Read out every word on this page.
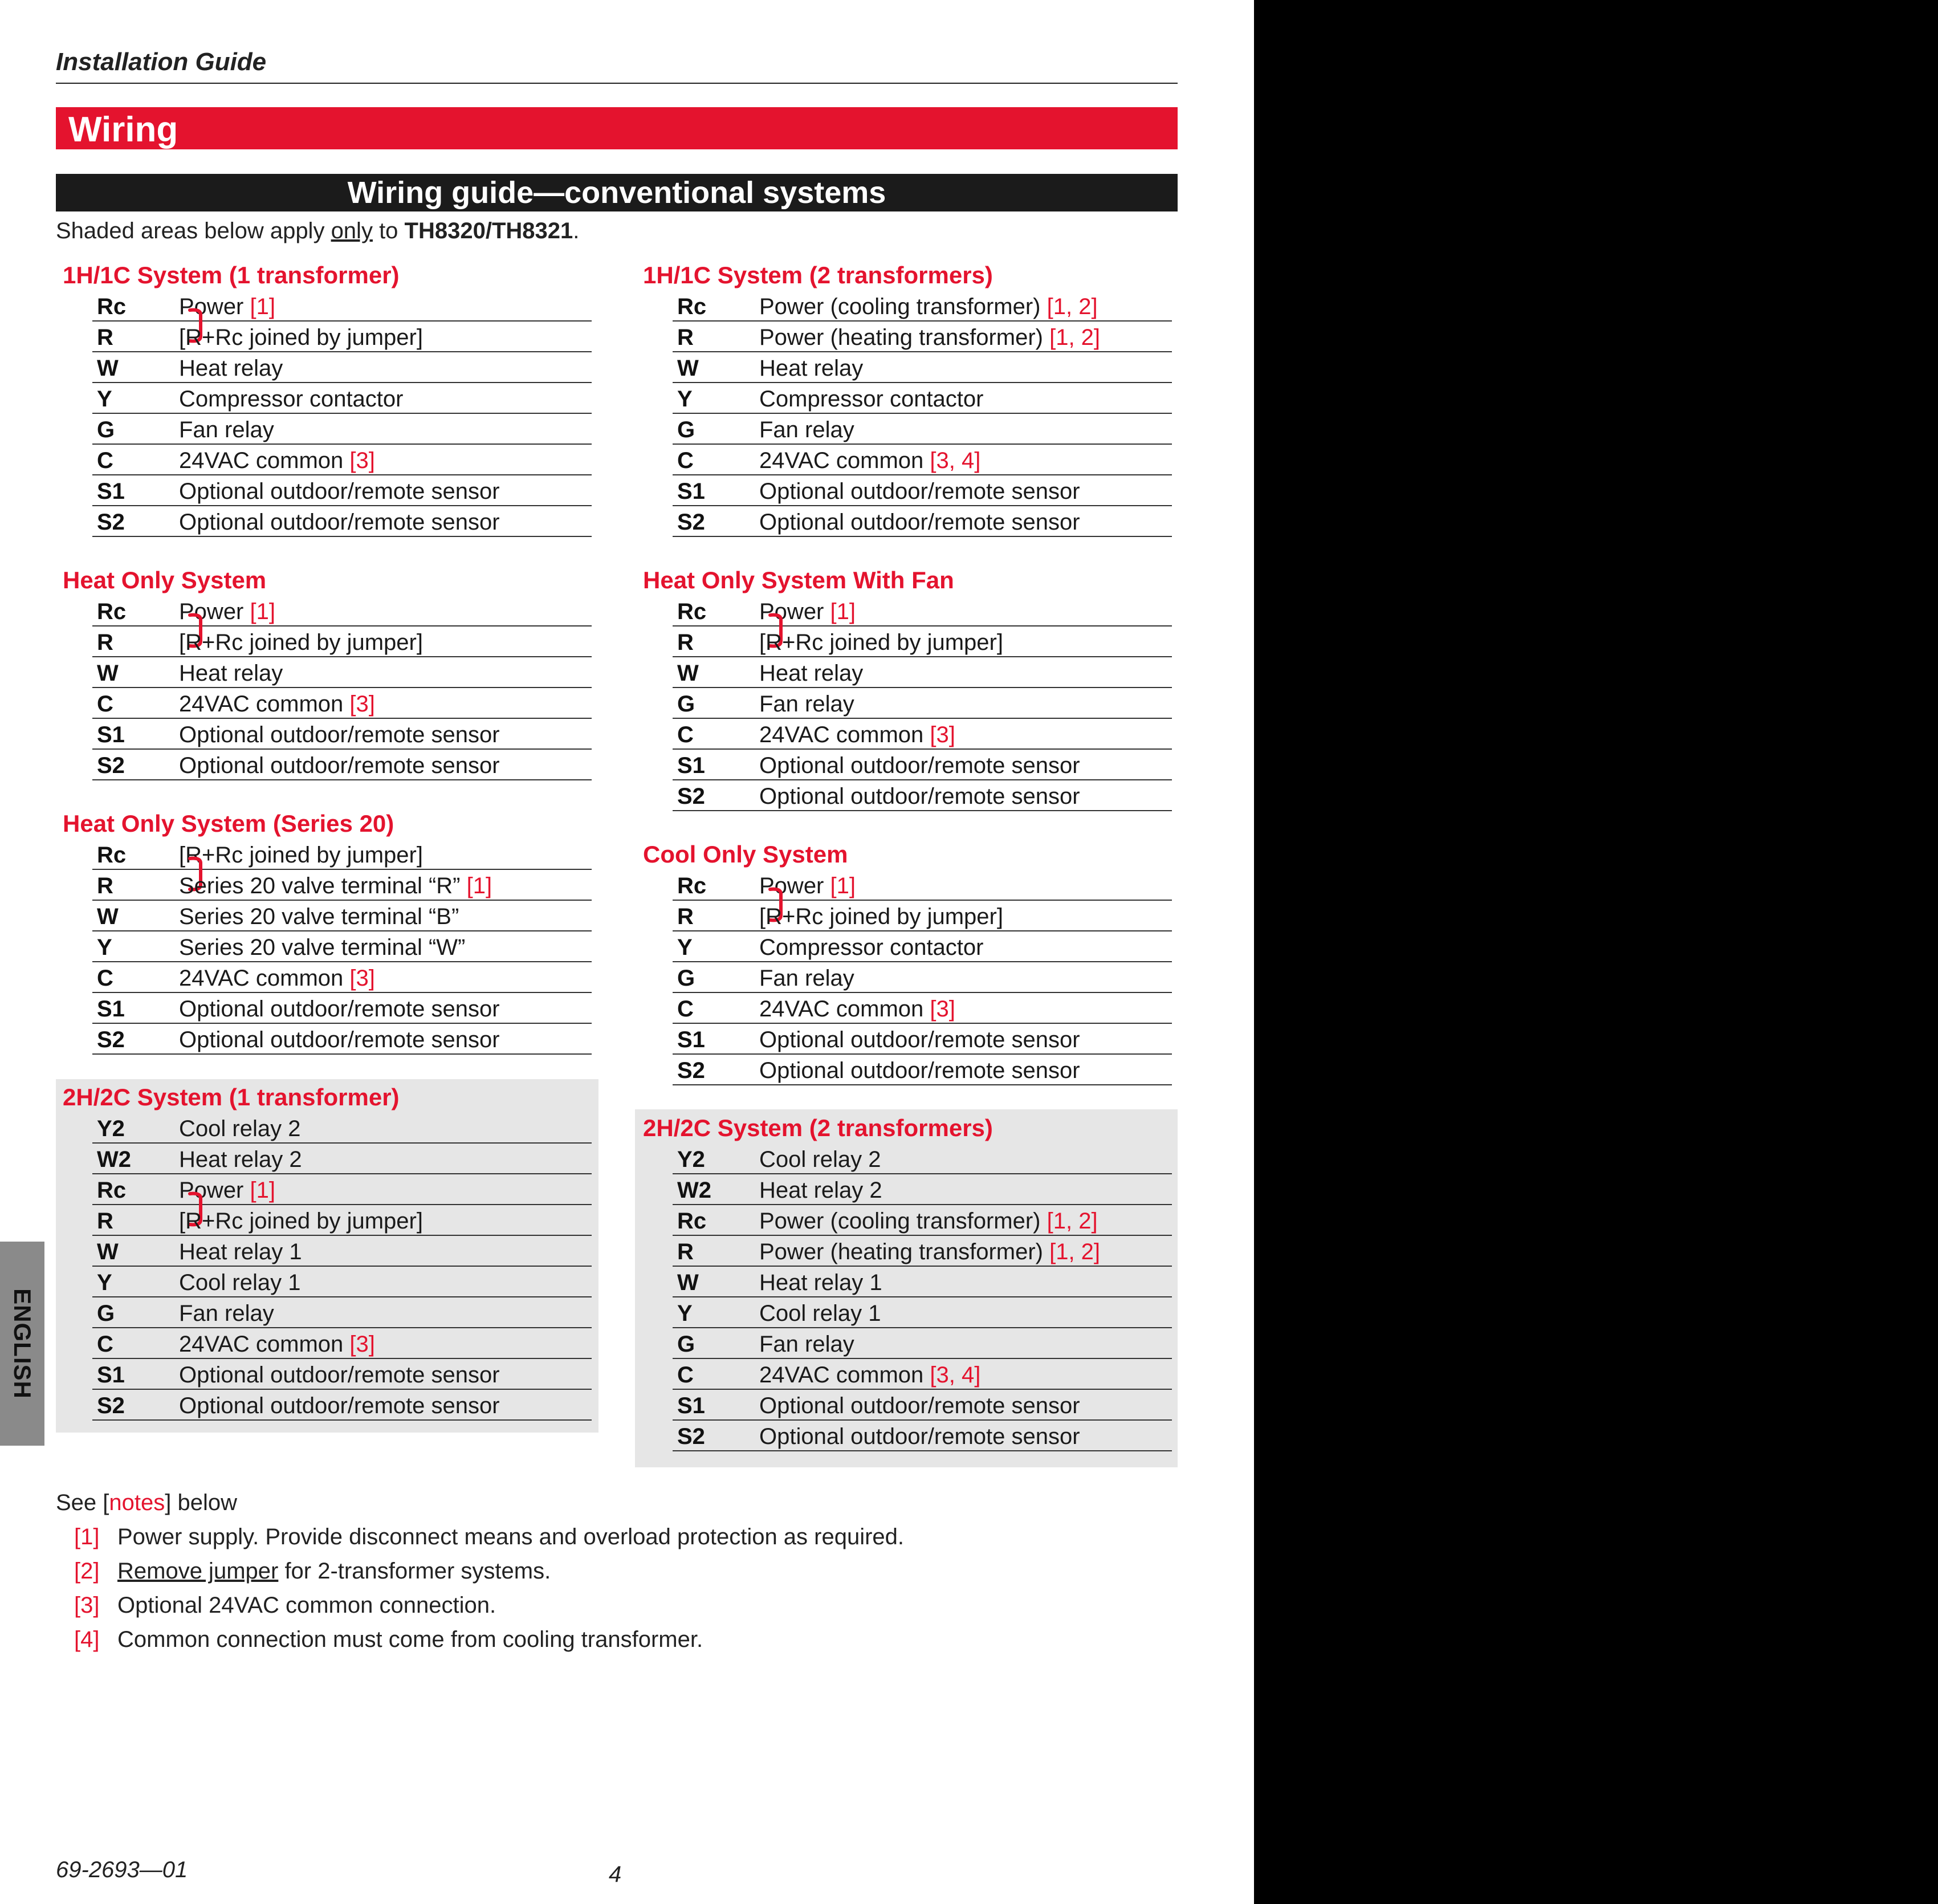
Installation Guide
Wiring
Wiring guide—conventional systems
Shaded areas below apply only to TH8320/TH8321.
1H/1C System (1 transformer)
Rc Power [1]
R	[R+Rc joined by jumper]
W	Heat relay
Y	Compressor contactor
G	Fan relay
C	24VAC common [3]
S1 Optional outdoor/remote sensor
S2 Optional outdoor/remote sensor
Heat Only System
Rc Power [1]
R	[R+Rc joined by jumper]
W	Heat relay
C	24VAC common [3]
S1 Optional outdoor/remote sensor
S2 Optional outdoor/remote sensor
Heat Only System (Series 20)
Rc [R+Rc joined by jumper]
R	Series 20 valve terminal “R” [1]
W	Series 20 valve terminal “B”
Y	Series 20 valve terminal “W”
C	24VAC common [3]
S1 Optional outdoor/remote sensor
S2 Optional outdoor/remote sensor
2H/2C System (1 transformer)
Y2 Cool relay 2
W2 Heat relay 2
Rc Power [1]
R	[R+Rc joined by jumper]
W	Heat relay 1
Y	Cool relay 1
G	Fan relay
C	24VAC common [3]
S1 Optional outdoor/remote sensor
S2 Optional outdoor/remote sensor
1H/1C System (2 transformers)
Rc Power (cooling transformer) [1, 2]
R	Power (heating transformer) [1, 2]
W	Heat relay
Y	Compressor contactor
G	Fan relay
C	24VAC common [3, 4]
S1 Optional outdoor/remote sensor
S2 Optional outdoor/remote sensor
Heat Only System With Fan
Rc Power [1]
R	[R+Rc joined by jumper]
W	Heat relay
G	Fan relay
C	24VAC common [3]
S1 Optional outdoor/remote sensor
S2 Optional outdoor/remote sensor
Cool Only System
Rc Power [1]
R	[R+Rc joined by jumper]
Y	Compressor contactor
G	Fan relay
C	24VAC common [3]
S1 Optional outdoor/remote sensor
S2 Optional outdoor/remote sensor
2H/2C System (2 transformers)
Y2 Cool relay 2
W2 Heat relay 2
Rc Power (cooling transformer) [1, 2]
R	Power (heating transformer) [1, 2]
W	Heat relay 1
Y	Cool relay 1
G	Fan relay
C	24VAC common [3, 4]
S1 Optional outdoor/remote sensor
S2 Optional outdoor/remote sensor
See [notes] below
[1] Power supply. Provide disconnect means and overload protection as required.
[2] Remove jumper for 2-transformer systems.
[3] Optional 24VAC common connection.
[4] Common connection must come from cooling transformer.
ENGLISH
69-2693—01	4
